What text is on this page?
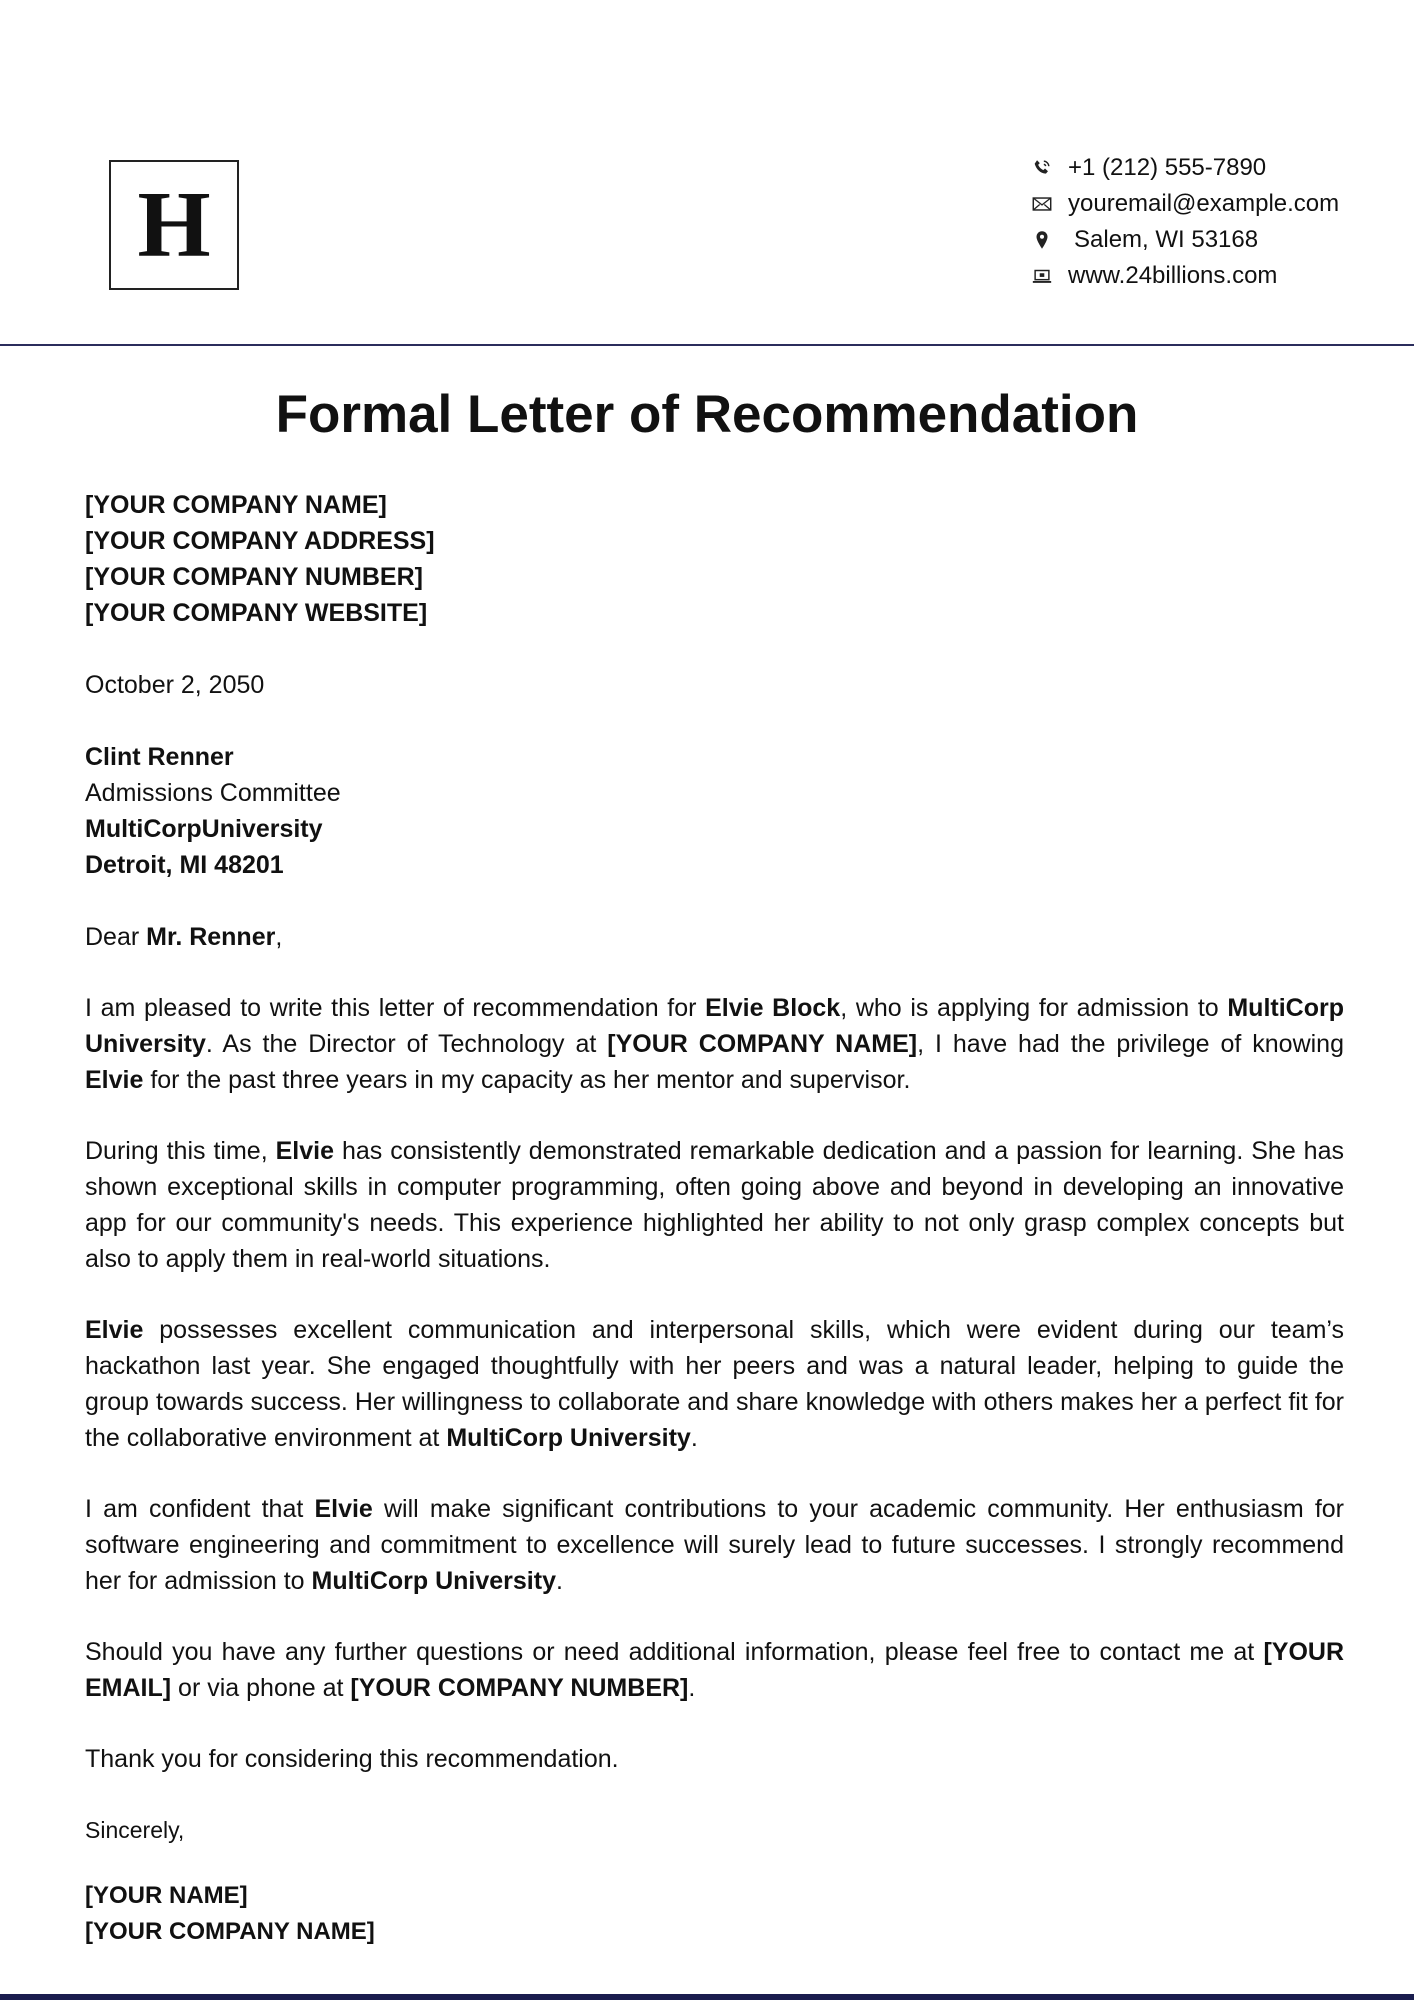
H
+1 (212) 555-7890
youremail@example.com
Salem, WI 53168
www.24billions.com
Formal Letter of Recommendation
[YOUR COMPANY NAME]
[YOUR COMPANY ADDRESS]
[YOUR COMPANY NUMBER]
[YOUR COMPANY WEBSITE]
October 2, 2050
Clint Renner
Admissions Committee
MultiCorpUniversity
Detroit, MI 48201

Dear Mr. Renner,

I am pleased to write this letter of recommendation for Elvie Block, who is applying for admission to MultiCorp University. As the Director of Technology at [YOUR COMPANY NAME], I have had the privilege of knowing Elvie for the past three years in my capacity as her mentor and supervisor.

During this time, Elvie has consistently demonstrated remarkable dedication and a passion for learning. She has shown exceptional skills in computer programming, often going above and beyond in developing an innovative app for our community's needs. This experience highlighted her ability to not only grasp complex concepts but also to apply them in real-world situations.

Elvie possesses excellent communication and interpersonal skills, which were evident during our team’s hackathon last year. She engaged thoughtfully with her peers and was a natural leader, helping to guide the group towards success. Her willingness to collaborate and share knowledge with others makes her a perfect fit for the collaborative environment at MultiCorp University.

I am confident that Elvie will make significant contributions to your academic community. Her enthusiasm for software engineering and commitment to excellence will surely lead to future successes. I strongly recommend her for admission to MultiCorp University.

Should you have any further questions or need additional information, please feel free to contact me at [YOUR EMAIL] or via phone at [YOUR COMPANY NUMBER].

Thank you for considering this recommendation.

Sincerely,
[YOUR NAME]
[YOUR COMPANY NAME]
